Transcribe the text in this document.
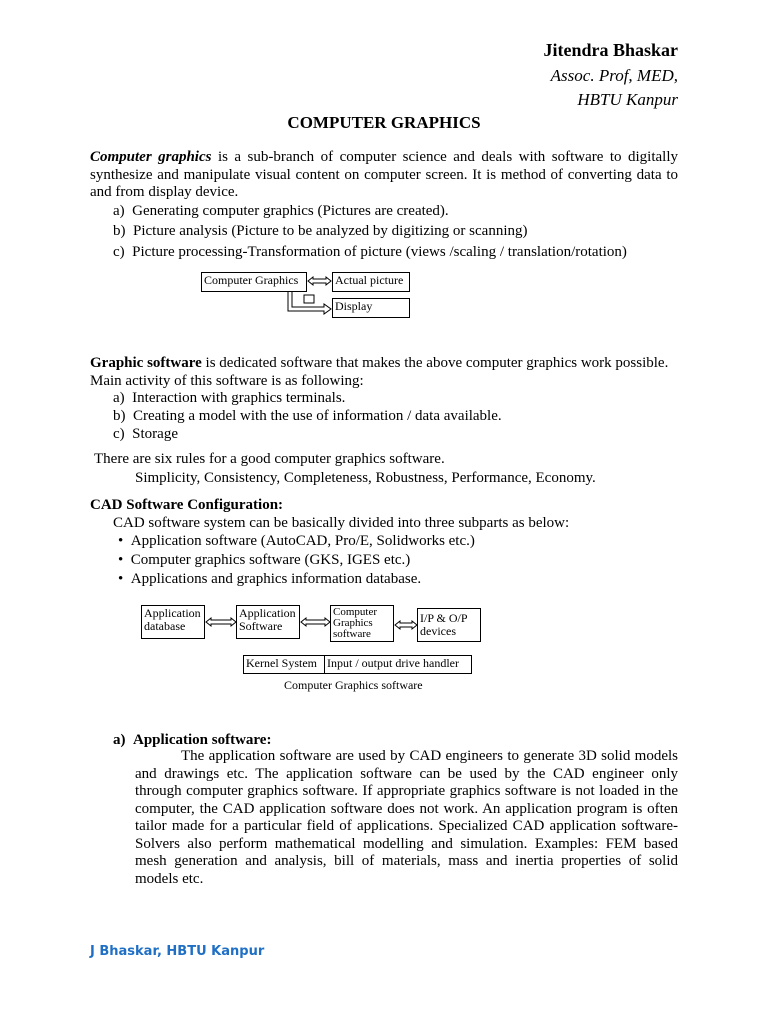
Jitendra Bhaskar
Assoc. Prof, MED,
HBTU Kanpur
COMPUTER GRAPHICS
Computer graphics is a sub-branch of computer science and deals with software to digitally synthesize and manipulate visual content on computer screen. It is method of converting data to and from display device.
a) Generating computer graphics (Pictures are created).
b) Picture analysis (Picture to be analyzed by digitizing or scanning)
c) Picture processing-Transformation of picture (views /scaling / translation/rotation)
Computer Graphics	Actual picture
Display
Graphic software is dedicated software that makes the above computer graphics work possible.
Main activity of this software is as following:
a) Interaction with graphics terminals.
b) Creating a model with the use of information / data available.
c) Storage
There are six rules for a good computer graphics software.
Simplicity, Consistency, Completeness, Robustness, Performance, Economy.
CAD Software Configuration:
CAD software system can be basically divided into three subparts as below:
• Application software (AutoCAD, Pro/E, Solidworks etc.)
• Computer graphics software (GKS, IGES etc.)
• Applications and graphics information database.
Application database
Application Software
Computer Graphics software
I/P & O/P devices
Kernel System Input / output drive handler
Computer Graphics software
a) Application software:
The application software are used by CAD engineers to generate 3D solid models and drawings etc. The application software can be used by the CAD engineer only through computer graphics software. If appropriate graphics software is not loaded in the computer, the CAD application software does not work. An application program is often tailor made for a particular field of applications. Specialized CAD application software-Solvers also perform mathematical modelling and simulation. Examples: FEM based mesh generation and analysis, bill of materials, mass and inertia properties of solid models etc.
J Bhaskar, HBTU Kanpur
